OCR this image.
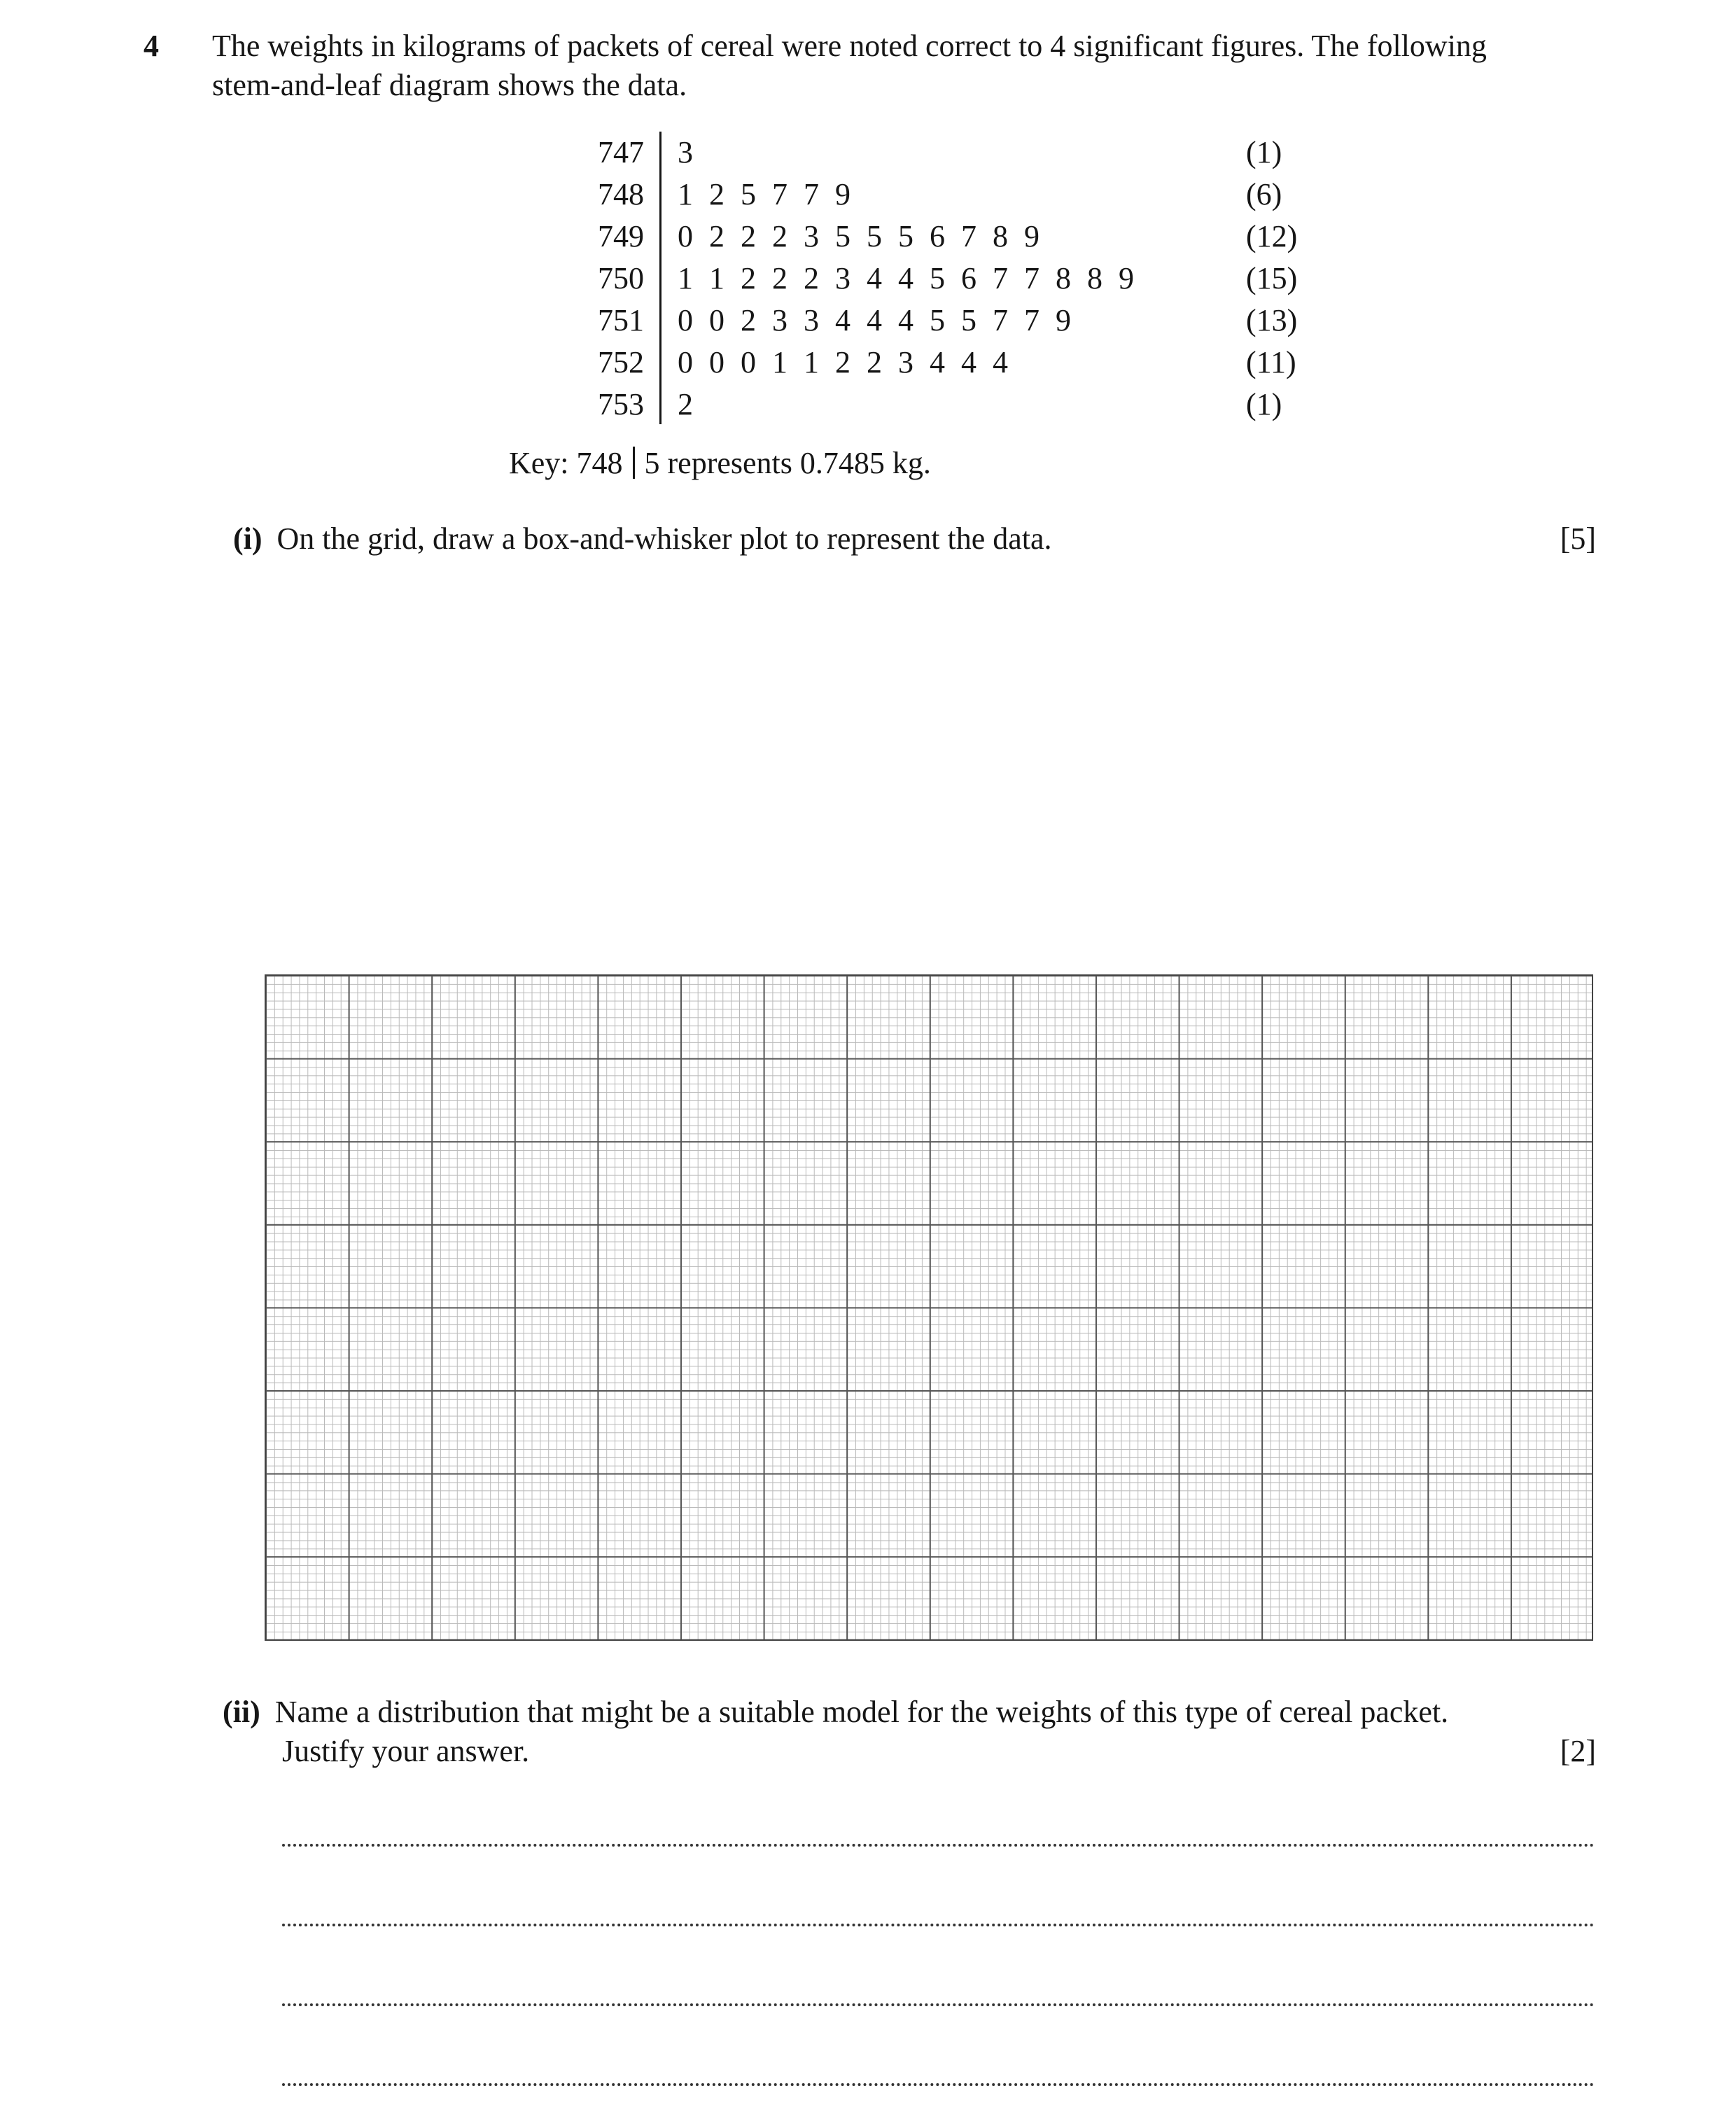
4 The weights in kilograms of packets of cereal were noted correct to 4 significant figures. The following
stem-and-leaf diagram shows the data.
747 3	(1)
748 1 2 5 7 7 9	(6)
749 0 2 2 2 3 5 5 5 6 7 8 9	(12)
750 1 1 2 2 2 3 4 4 5 6 7 7 8 8 9	(15)
751 0 0 2 3 3 4 4 4 5 5 7 7 9	(13)
752 0 0 0 1 1 2 2 3 4 4 4	(11)
753 2	(1)
Key: 748 5 represents 0.7485 kg.
(i) On the grid, draw a box-and-whisker plot to represent the data.	[5]
(ii) Name a distribution that might be a suitable model for the weights of this type of cereal packet.
Justify your answer.	[2]
